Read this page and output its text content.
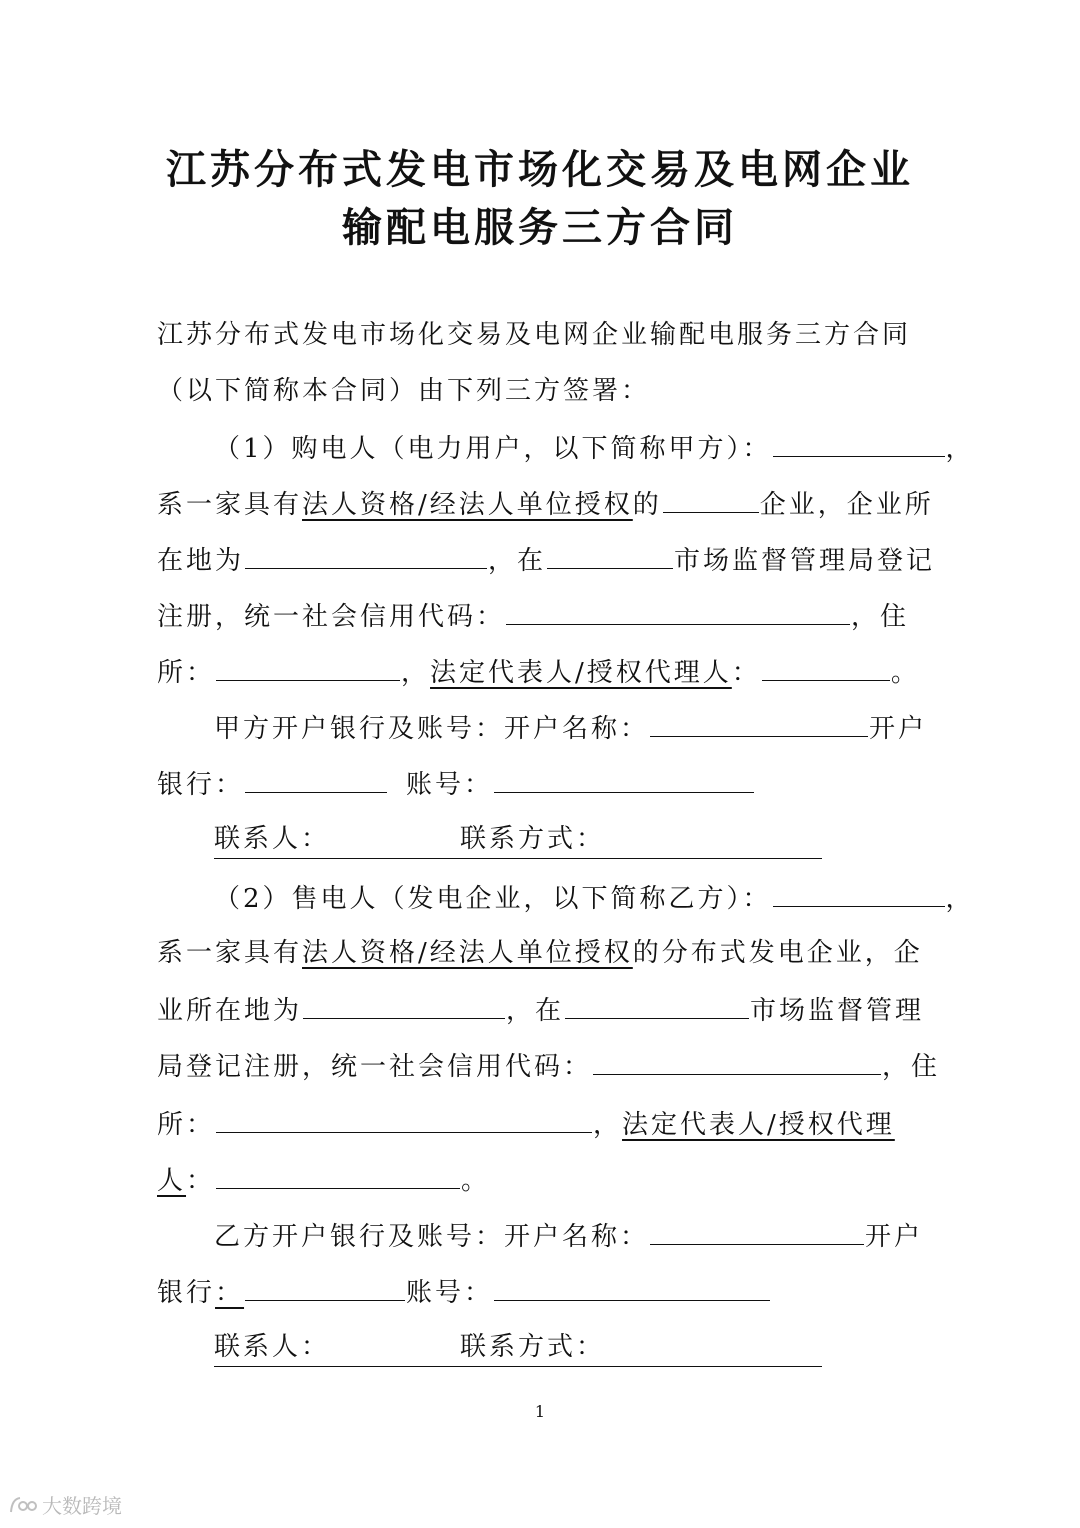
江苏分布式发电市场化交易及电网企业
输配电服务三方合同
江苏分布式发电市场化交易及电网企业输配电服务三方合同
（以下简称本合同）由下列三方签署：
（1）购电人（电力用户，以下简称甲方）：	，
系一家具有法人资格/经法人单位授权的	企业，企业所
在地为	，在	市场监督管理局登记
注册，统一社会信用代码：	，住
所：	，法定代表人/授权代理人：	。
甲方开户银行及账号：开户名称：	开户
银行：	账号：
联系人：	联系方式：
（2）售电人（发电企业，以下简称乙方）：	，
系一家具有法人资格/经法人单位授权的分布式发电企业，企
业所在地为	，在	市场监督管理
局登记注册，统一社会信用代码：	，住
所：	，法定代表人/授权代理
人：	。
乙方开户银行及账号：开户名称：	开户
银行：	账号：
联系人：	联系方式：
1
大数跨境
